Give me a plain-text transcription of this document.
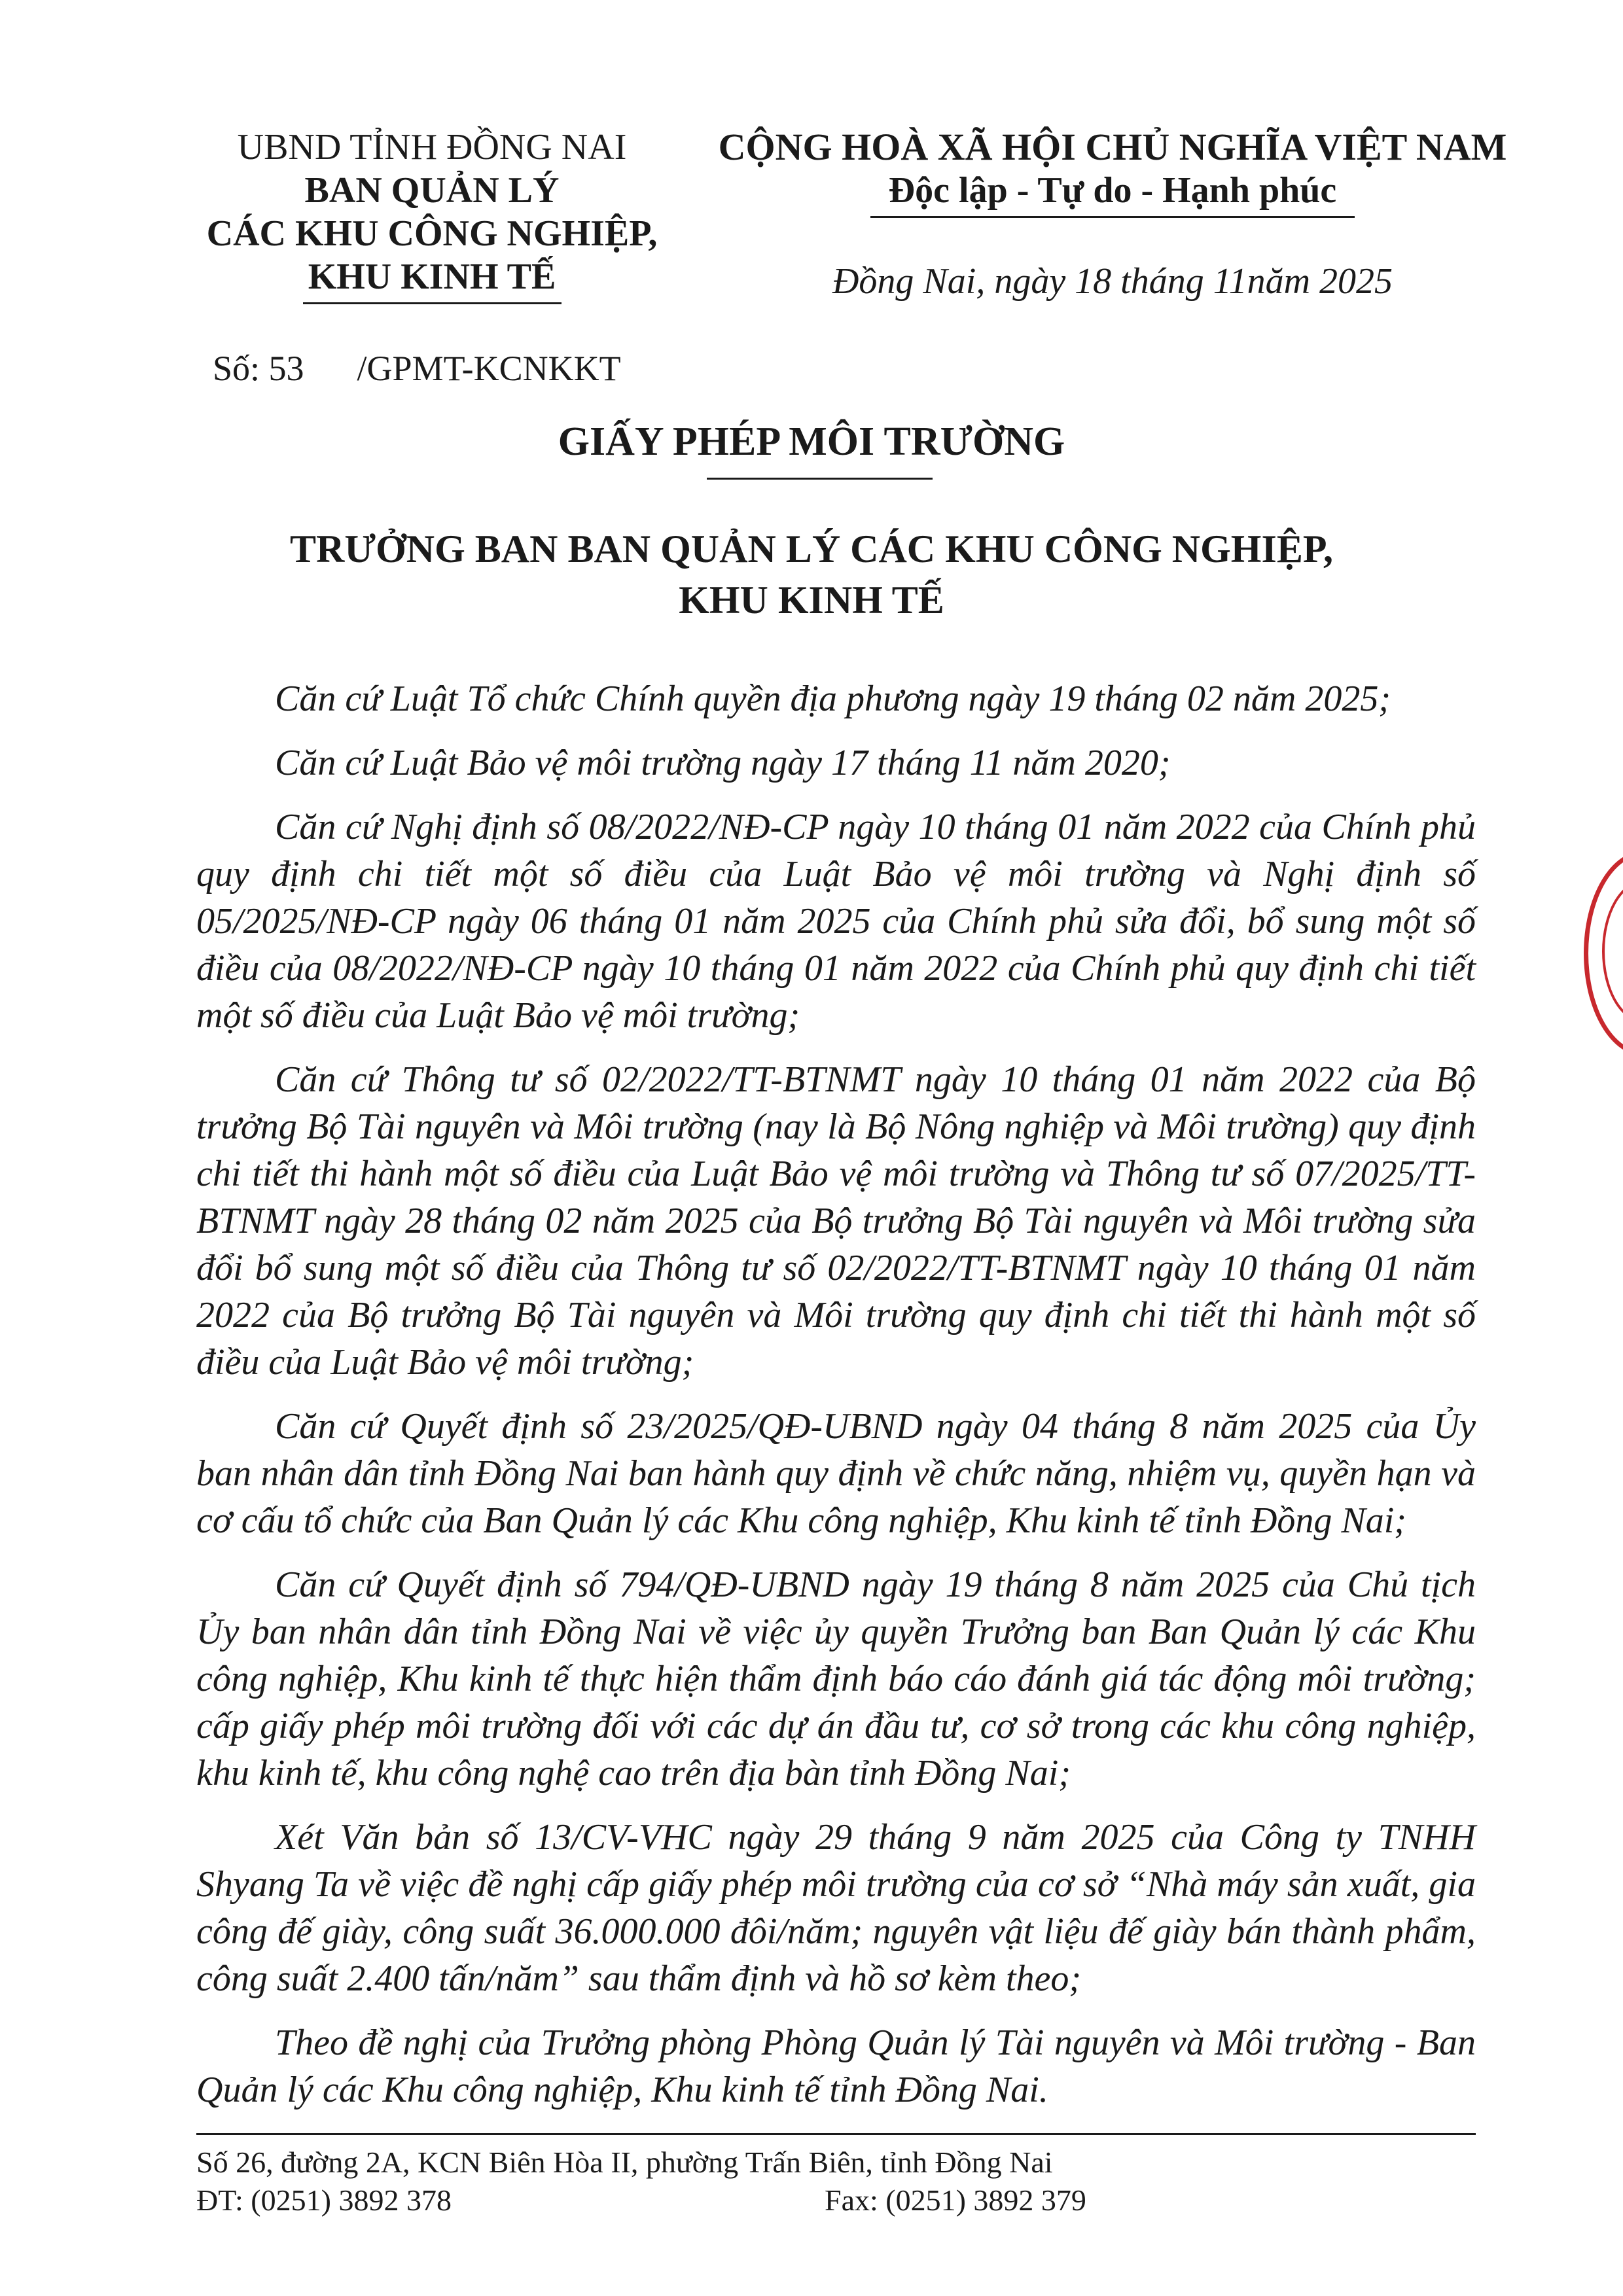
UBND TỈNH ĐỒNG NAI
BAN QUẢN LÝ
CÁC KHU CÔNG NGHIỆP,
KHU KINH TẾ
CỘNG HOÀ XÃ HỘI CHỦ NGHĨA VIỆT NAM
Độc lập - Tự do - Hạnh phúc
Đồng Nai, ngày 18 tháng 11năm 2025
Số: 53      /GPMT-KCNKKT
GIẤY PHÉP MÔI TRƯỜNG
TRƯỞNG BAN BAN QUẢN LÝ CÁC KHU CÔNG NGHIỆP,
KHU KINH TẾ

Căn cứ Luật Tổ chức Chính quyền địa phương ngày 19 tháng 02 năm 2025;

Căn cứ Luật Bảo vệ môi trường ngày 17 tháng 11 năm 2020;

Căn cứ Nghị định số 08/2022/NĐ-CP ngày 10 tháng 01 năm 2022 của Chính phủ quy định chi tiết một số điều của Luật Bảo vệ môi trường và Nghị định số 05/2025/NĐ-CP ngày 06 tháng 01 năm 2025 của Chính phủ sửa đổi, bổ sung một số điều của 08/2022/NĐ-CP ngày 10 tháng 01 năm 2022 của Chính phủ quy định chi tiết một số điều của Luật Bảo vệ môi trường;

Căn cứ Thông tư số 02/2022/TT-BTNMT ngày 10 tháng 01 năm 2022 của Bộ trưởng Bộ Tài nguyên và Môi trường (nay là Bộ Nông nghiệp và Môi trường) quy định chi tiết thi hành một số điều của Luật Bảo vệ môi trường và Thông tư số 07/2025/TT-BTNMT ngày 28 tháng 02 năm 2025 của Bộ trưởng Bộ Tài nguyên và Môi trường sửa đổi bổ sung một số điều của Thông tư số 02/2022/TT-BTNMT ngày 10 tháng 01 năm 2022 của Bộ trưởng Bộ Tài nguyên và Môi trường quy định chi tiết thi hành một số điều của Luật Bảo vệ môi trường;

Căn cứ Quyết định số 23/2025/QĐ-UBND ngày 04 tháng 8 năm 2025 của Ủy ban nhân dân tỉnh Đồng Nai ban hành quy định về chức năng, nhiệm vụ, quyền hạn và cơ cấu tổ chức của Ban Quản lý các Khu công nghiệp, Khu kinh tế tỉnh Đồng Nai;

Căn cứ Quyết định số 794/QĐ-UBND ngày 19 tháng 8 năm 2025 của Chủ tịch Ủy ban nhân dân tỉnh Đồng Nai về việc ủy quyền Trưởng ban Ban Quản lý các Khu công nghiệp, Khu kinh tế thực hiện thẩm định báo cáo đánh giá tác động môi trường; cấp giấy phép môi trường đối với các dự án đầu tư, cơ sở trong các khu công nghiệp, khu kinh tế, khu công nghệ cao trên địa bàn tỉnh Đồng Nai;

Xét Văn bản số 13/CV-VHC ngày 29 tháng 9 năm 2025 của Công ty TNHH Shyang Ta về việc đề nghị cấp giấy phép môi trường của cơ sở “Nhà máy sản xuất, gia công đế giày, công suất 36.000.000 đôi/năm; nguyên vật liệu đế giày bán thành phẩm, công suất 2.400 tấn/năm” sau thẩm định và hồ sơ kèm theo;

Theo đề nghị của Trưởng phòng Phòng Quản lý Tài nguyên và Môi trường - Ban Quản lý các Khu công nghiệp, Khu kinh tế tỉnh Đồng Nai.

Số 26, đường 2A, KCN Biên Hòa II, phường Trấn Biên, tỉnh Đồng Nai
ĐT: (0251) 3892 378	Fax: (0251) 3892 379
